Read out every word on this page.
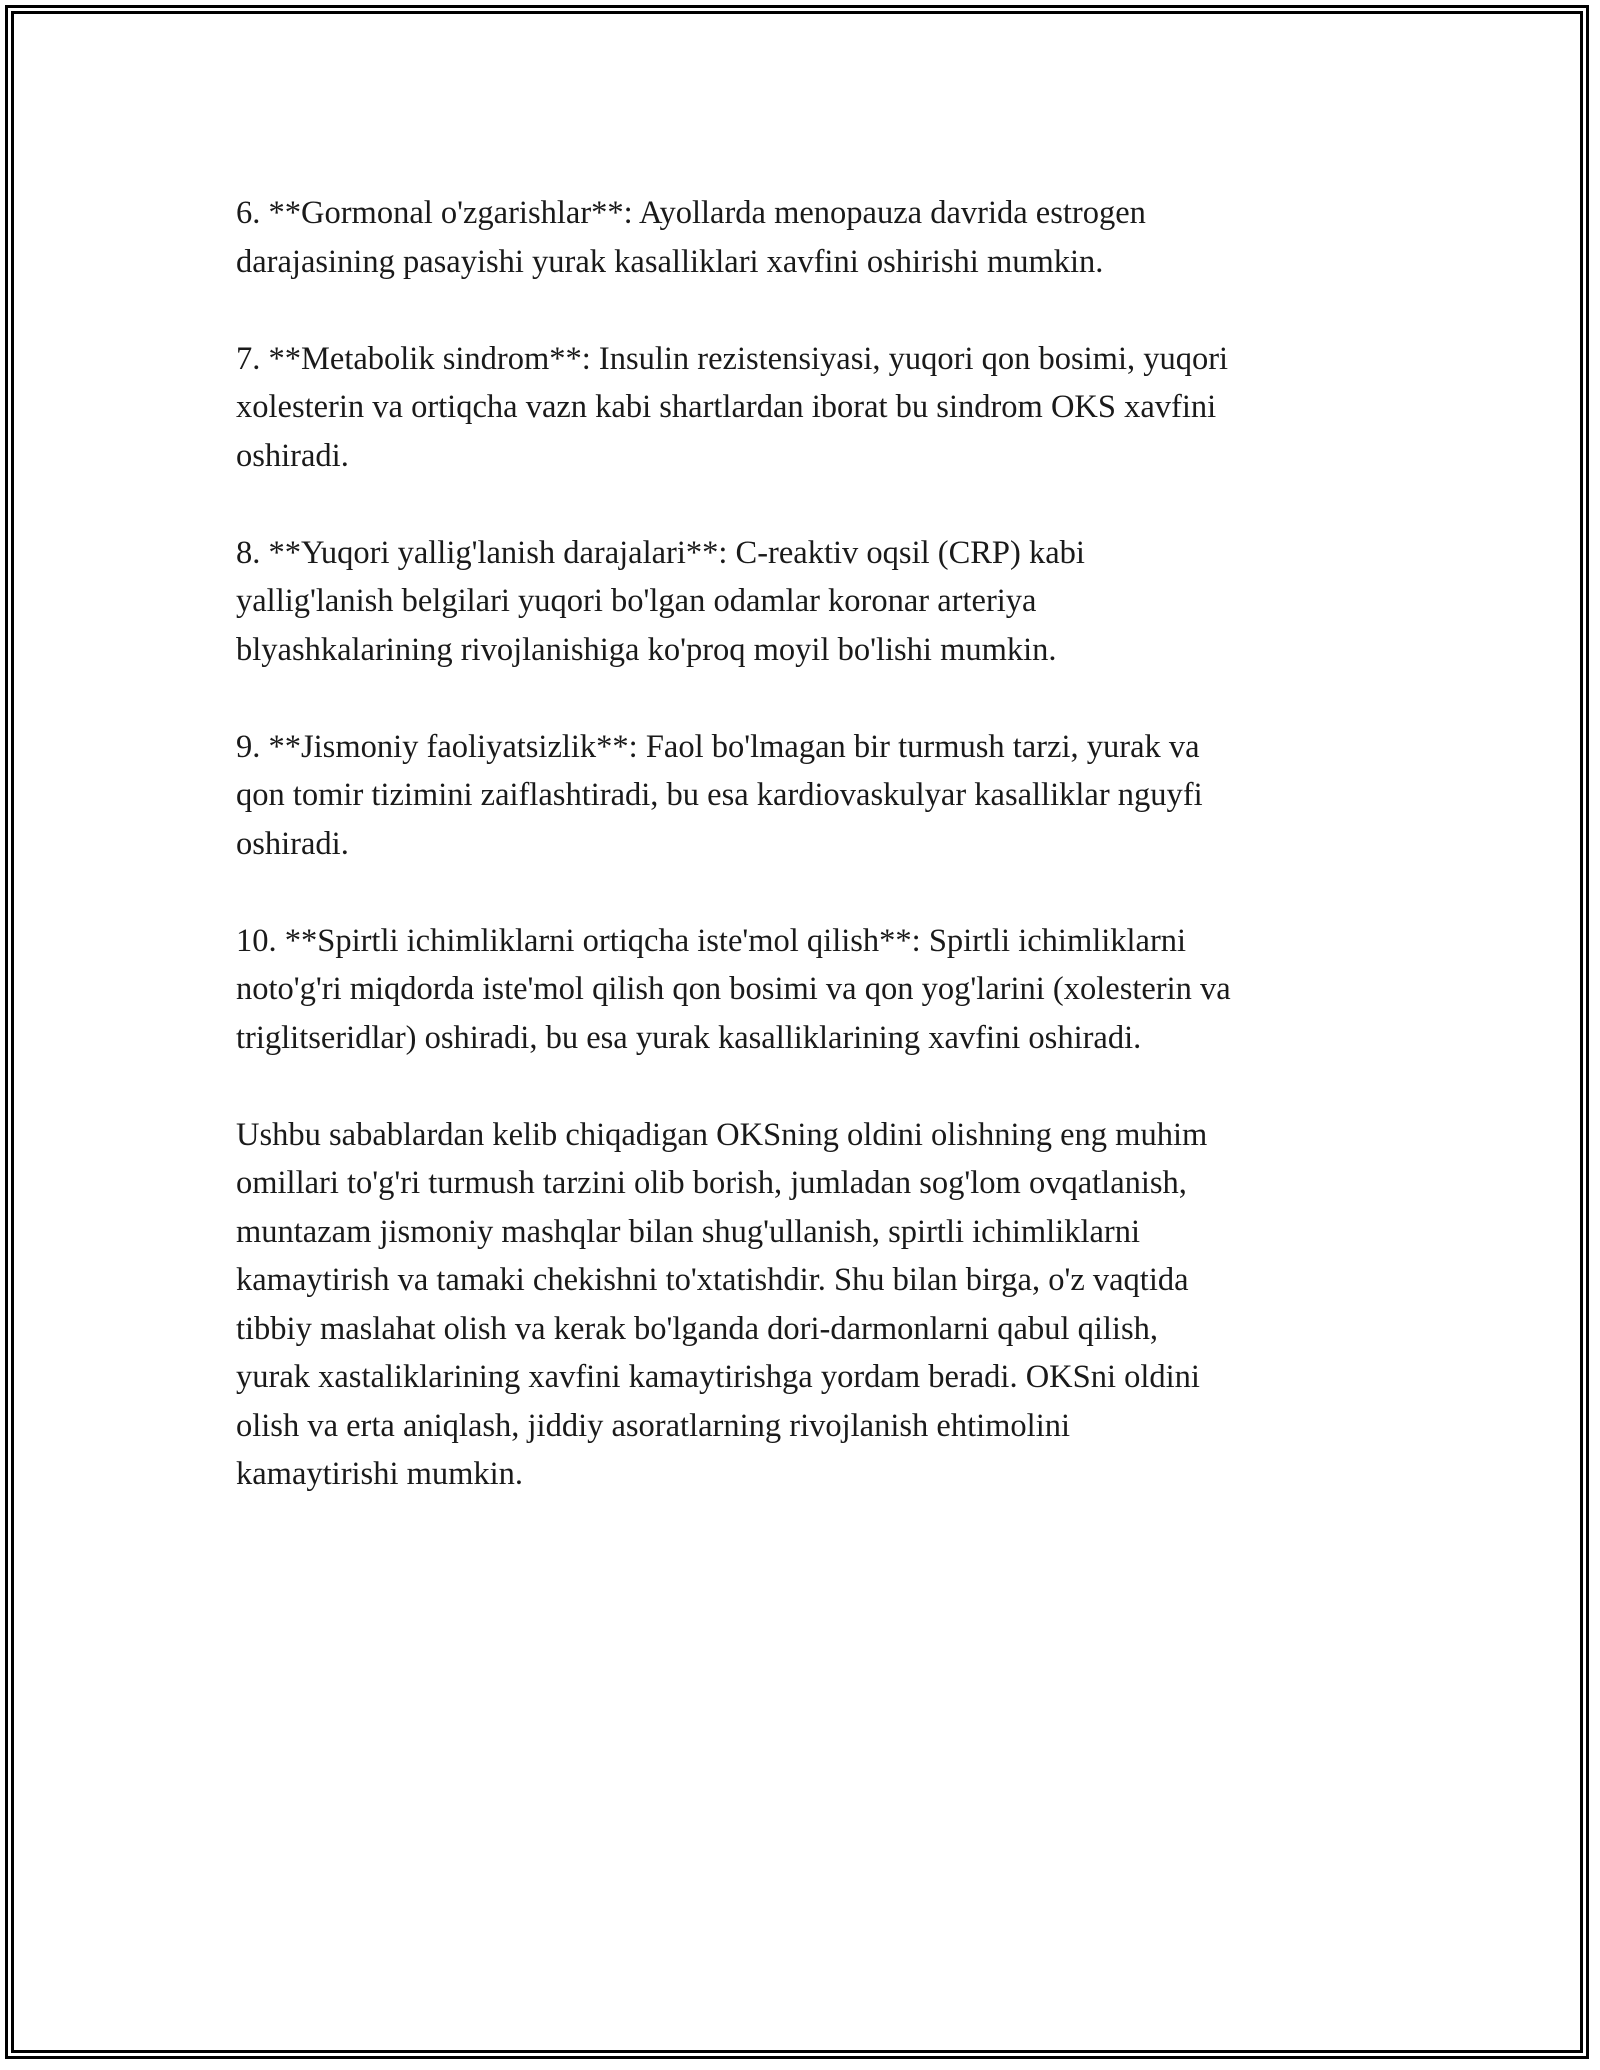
6. **Gormonal o'zgarishlar**: Ayollarda menopauza davrida estrogen
darajasining pasayishi yurak kasalliklari xavfini oshirishi mumkin.

7. **Metabolik sindrom**: Insulin rezistensiyasi, yuqori qon bosimi, yuqori
xolesterin va ortiqcha vazn kabi shartlardan iborat bu sindrom OKS xavfini
oshiradi.

8. **Yuqori yallig'lanish darajalari**: C-reaktiv oqsil (CRP) kabi
yallig'lanish belgilari yuqori bo'lgan odamlar koronar arteriya
blyashkalarining rivojlanishiga ko'proq moyil bo'lishi mumkin.

9. **Jismoniy faoliyatsizlik**: Faol bo'lmagan bir turmush tarzi, yurak va
qon tomir tizimini zaiflashtiradi, bu esa kardiovaskulyar kasalliklar nguyfi
oshiradi.

10. **Spirtli ichimliklarni ortiqcha iste'mol qilish**: Spirtli ichimliklarni
noto'g'ri miqdorda iste'mol qilish qon bosimi va qon yog'larini (xolesterin va
triglitseridlar) oshiradi, bu esa yurak kasalliklarining xavfini oshiradi.

Ushbu sabablardan kelib chiqadigan OKSning oldini olishning eng muhim
omillari to'g'ri turmush tarzini olib borish, jumladan sog'lom ovqatlanish,
muntazam jismoniy mashqlar bilan shug'ullanish, spirtli ichimliklarni
kamaytirish va tamaki chekishni to'xtatishdir. Shu bilan birga, o'z vaqtida
tibbiy maslahat olish va kerak bo'lganda dori-darmonlarni qabul qilish,
yurak xastaliklarining xavfini kamaytirishga yordam beradi. OKSni oldini
olish va erta aniqlash, jiddiy asoratlarning rivojlanish ehtimolini
kamaytirishi mumkin.
